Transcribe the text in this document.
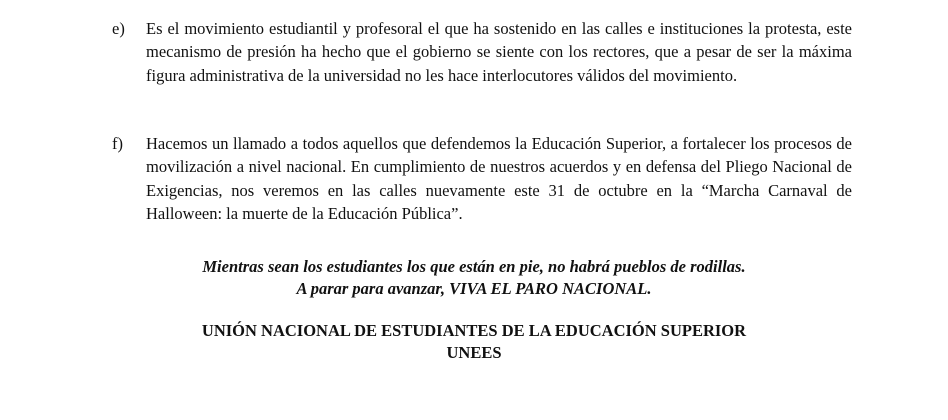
e) Es el movimiento estudiantil y profesoral el que ha sostenido en las calles e instituciones la protesta, este mecanismo de presión ha hecho que el gobierno se siente con los rectores, que a pesar de ser la máxima figura administrativa de la universidad no les hace interlocutores válidos del movimiento.
f) Hacemos un llamado a todos aquellos que defendemos la Educación Superior, a fortalecer los procesos de movilización a nivel nacional. En cumplimiento de nuestros acuerdos y en defensa del Pliego Nacional de Exigencias, nos veremos en las calles nuevamente este 31 de octubre en la “Marcha Carnaval de Halloween: la muerte de la Educación Pública”.
Mientras sean los estudiantes los que están en pie, no habrá pueblos de rodillas.
A parar para avanzar, VIVA EL PARO NACIONAL.
UNIÓN NACIONAL DE ESTUDIANTES DE LA EDUCACIÓN SUPERIOR
UNEES
